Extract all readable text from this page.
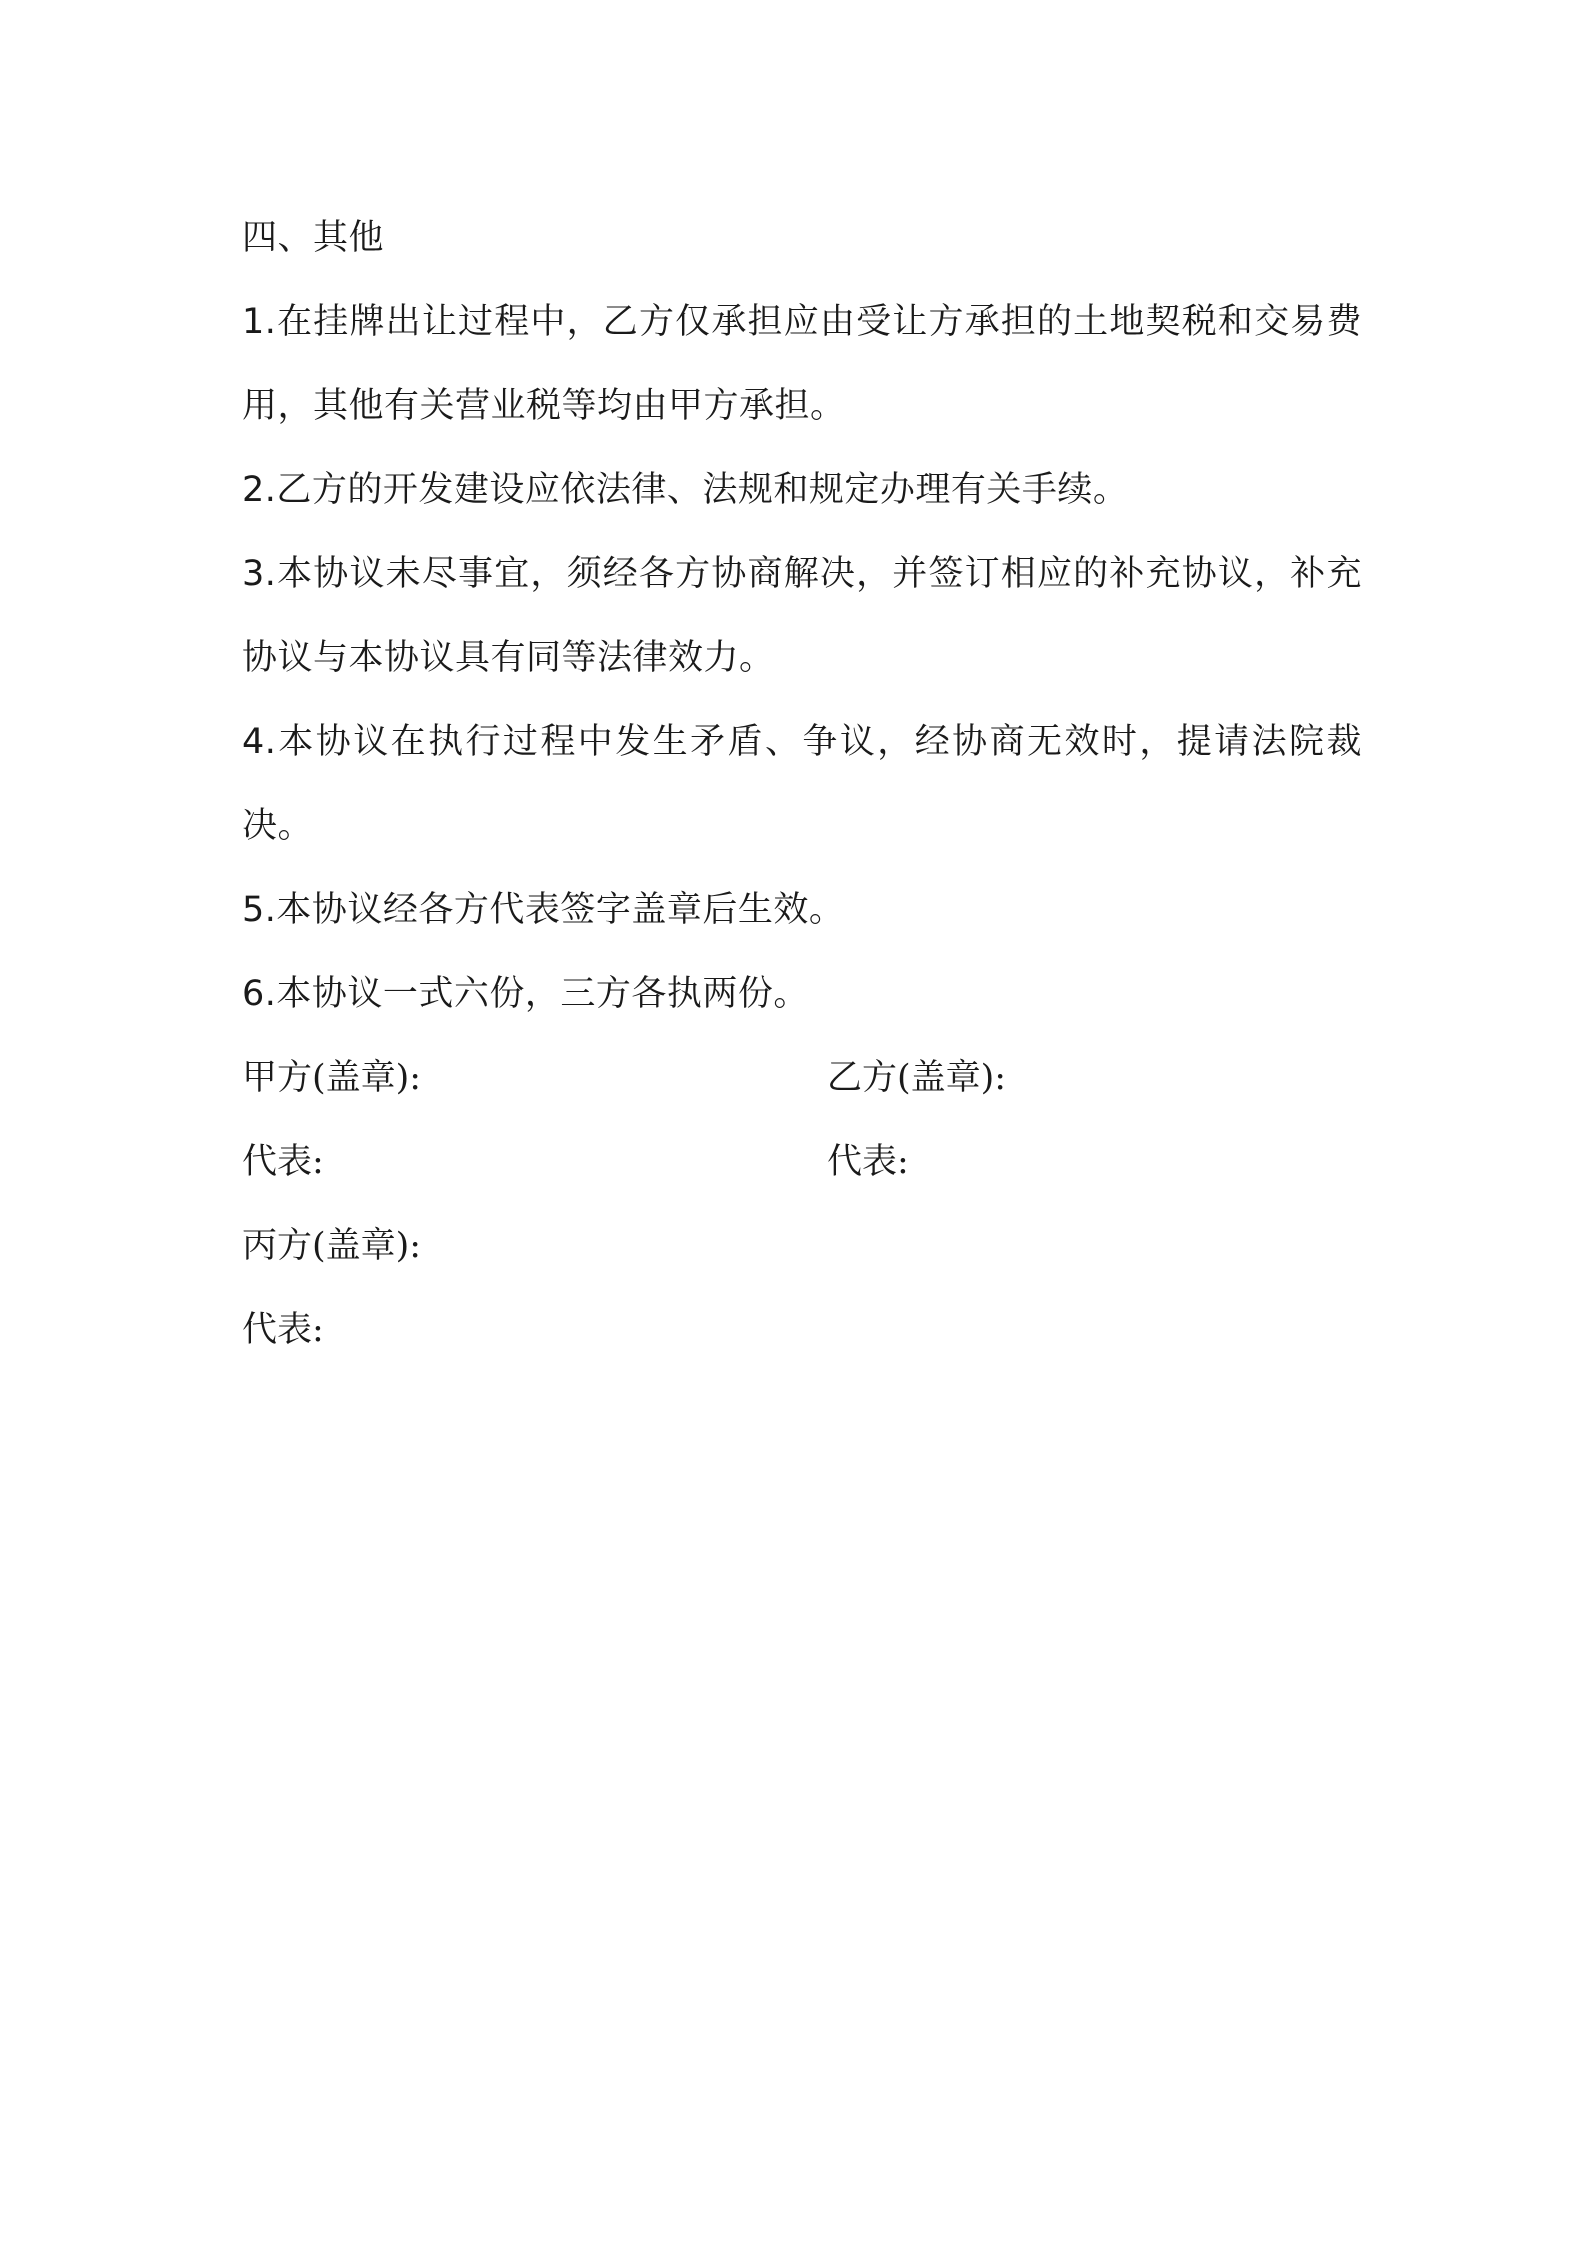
四、其他

1.在挂牌出让过程中，乙方仅承担应由受让方承担的土地契税和交易费用，其他有关营业税等均由甲方承担。

2.乙方的开发建设应依法律、法规和规定办理有关手续。

3.本协议未尽事宜，须经各方协商解决，并签订相应的补充协议，补充协议与本协议具有同等法律效力。

4.本协议在执行过程中发生矛盾、争议，经协商无效时，提请法院裁决。

5.本协议经各方代表签字盖章后生效。

6.本协议一式六份，三方各执两份。

甲方(盖章):	乙方(盖章):
代表:	代表:
丙方(盖章):
代表:
